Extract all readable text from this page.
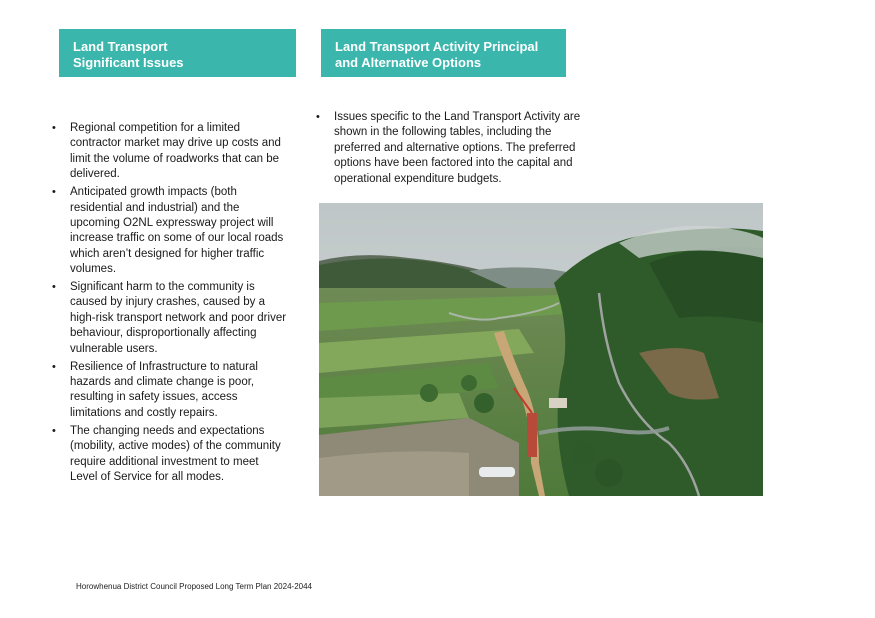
Land Transport
Significant Issues
Land Transport Activity Principal
and Alternative Options
• Regional competition for a limited contractor market may drive up costs and limit the volume of roadworks that can be delivered.
• Anticipated growth impacts (both residential and industrial) and the upcoming O2NL expressway project will increase traffic on some of our local roads which aren’t designed for higher traffic volumes.
• Significant harm to the community is caused by injury crashes, caused by a high-risk transport network and poor driver behaviour, disproportionally affecting vulnerable users.
• Resilience of Infrastructure to natural hazards and climate change is poor, resulting in safety issues, access limitations and costly repairs.
• The changing needs and expectations (mobility, active modes) of the community require additional investment to meet Level of Service for all modes.
• Issues specific to the Land Transport Activity are shown in the following tables, including the preferred and alternative options. The preferred options have been factored into the capital and operational expenditure budgets.
Horowhenua District Council Proposed Long Term Plan 2024-2044
